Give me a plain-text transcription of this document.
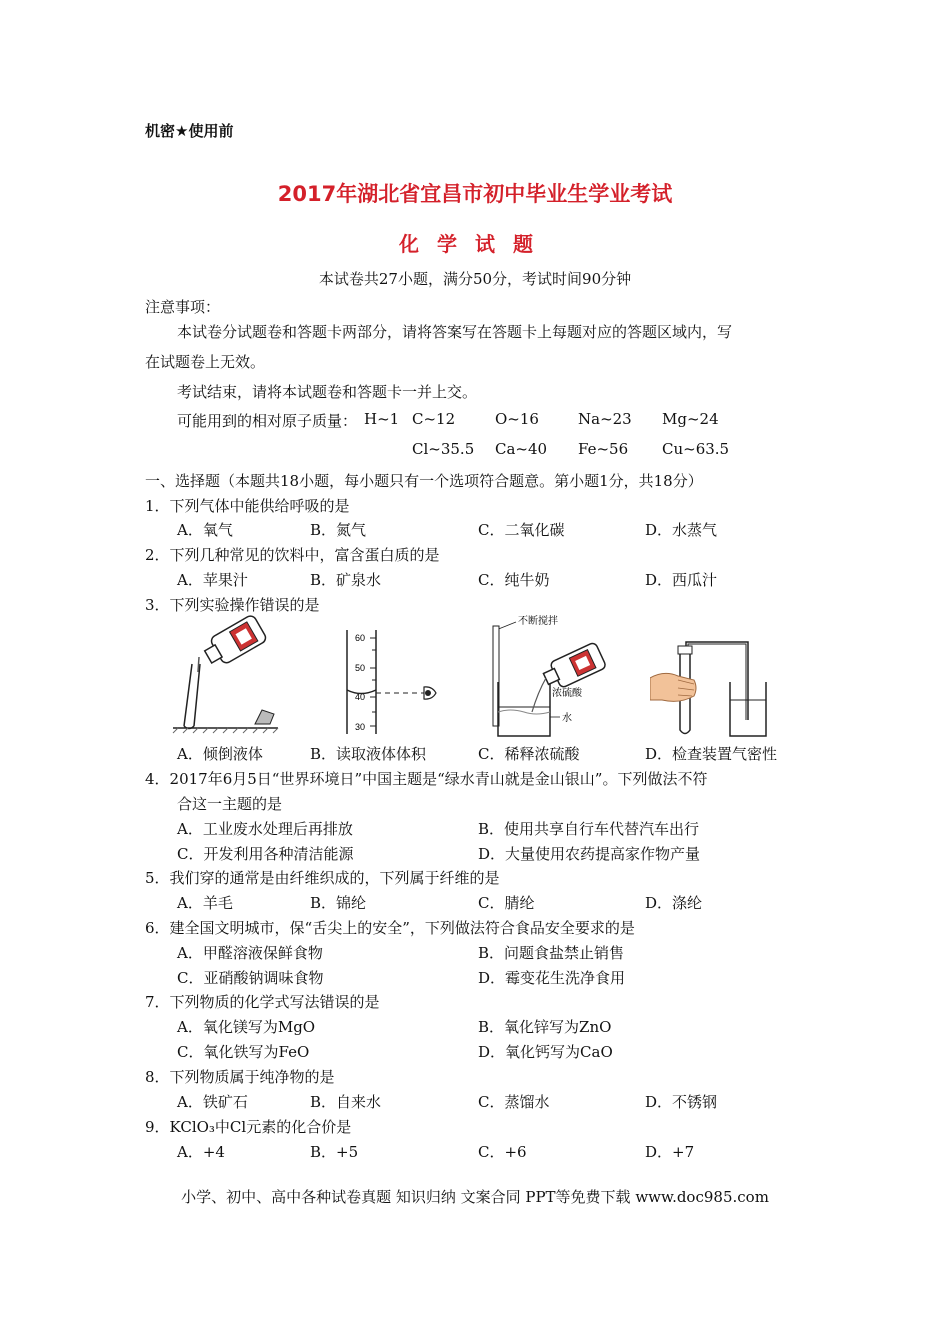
机密★使用前
2017年湖北省宜昌市初中毕业生学业考试
化学试题
本试卷共27小题，满分50分，考试时间90分钟
注意事项：
本试卷分试题卷和答题卡两部分，请将答案写在答题卡上每题对应的答题区域内，写
在试题卷上无效。
考试结束，请将本试题卷和答题卡一并上交。
可能用到的相对原子质量： H~1 C~12	O~16	Na~23 Mg~24
Cl~35.5 Ca~40 Fe~56 Cu~63.5
一、选择题（本题共18小题，每小题只有一个选项符合题意。第小题1分，共18分）
1．下列气体中能供给呼吸的是
A．氧气	B．氮气	C．二氧化碳	D．水蒸气
2．下列几种常见的饮料中，富含蛋白质的是
A．苹果汁	B．矿泉水	C．纯牛奶	D．西瓜汁
3．下列实验操作错误的是
60
50
40
30
不断搅拌
浓硫酸
水
A．倾倒液体	B．读取液体体积	C．稀释浓硫酸	D．检查装置气密性
4．2017年6月5日“世界环境日”中国主题是“绿水青山就是金山银山”。下列做法不符
合这一主题的是
A．工业废水处理后再排放	B．使用共享自行车代替汽车出行
C．开发利用各种清洁能源	D．大量使用农药提高家作物产量
5．我们穿的通常是由纤维织成的，下列属于纤维的是
A．羊毛	B．锦纶	C．腈纶	D．涤纶
6．建全国文明城市，保“舌尖上的安全”，下列做法符合食品安全要求的是
A．甲醛溶液保鲜食物	B．问题食盐禁止销售
C．亚硝酸钠调味食物	D．霉变花生洗净食用
7．下列物质的化学式写法错误的是
A．氧化镁写为MgO	B．氧化锌写为ZnO
C．氧化铁写为FeO	D．氧化钙写为CaO
8．下列物质属于纯净物的是
A．铁矿石	B．自来水	C．蒸馏水	D．不锈钢
9．KClO₃中Cl元素的化合价是
A．+4	B．+5	C．+6	D．+7
小学、初中、高中各种试卷真题 知识归纳 文案合同 PPT等免费下载 www.doc985.com
